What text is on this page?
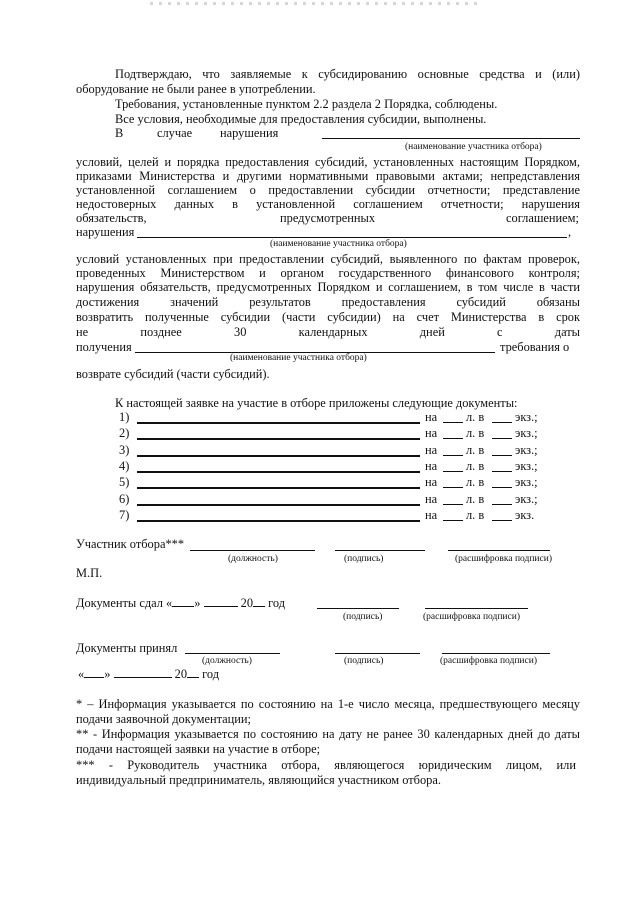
Подтверждаю, что заявляемые к субсидированию основные средства и (или)
оборудование не были ранее в употреблении.
Требования, установленные пунктом 2.2 раздела 2 Порядка, соблюдены.
Все условия, необходимые для предоставления субсидии, выполнены.
В	случае нарушения
(наименование участника отбора)
условий, целей и порядка предоставления субсидий, установленных настоящим Порядком,
приказами Министерства и другими нормативными правовыми актами; непредставления
установленной соглашением о предоставлении субсидии отчетности; представление
недостоверных данных в установленной соглашением отчетности; нарушения
обязательств,	предусмотренных	соглашением;
нарушения	,
(наименование участника отбора)
условий установленных при предоставлении субсидий, выявленного по фактам проверок,
проведенных Министерством и органом государственного финансового контроля;
нарушения обязательств, предусмотренных Порядком и соглашением, в том числе в части
достижения значений результатов предоставления субсидий обязаны
возвратить полученные субсидии (части субсидии) на счет Министерства в срок
не позднее 30 календарных дней с даты
получения	требования о
(наименование участника отбора)
возврате субсидий (части субсидий).
К настоящей заявке на участие в отборе приложены следующие документы:
1)	на л. в экз.;
2)	на л. в экз.;
3)	на л. в экз.;
4)	на л. в экз.;
5)	на л. в экз.;
6)	на л. в экз.;
7)	на л. в экз.
Участник отбора***
(должность)	(подпись)	(расшифровка подписи)
М.П.
Документы сдал « »	20 год
(подпись)	(расшифровка подписи)
Документы принял
(должность)	(подпись)	(расшифровка подписи)
« »	20 год
* – Информация указывается по состоянию на 1-е число месяца, предшествующего месяцу
подачи заявочной документации;
** - Информация указывается по состоянию на дату не ранее 30 календарных дней до даты
подачи настоящей заявки на участие в отборе;
*** - Руководитель участника отбора, являющегося юридическим лицом, или
индивидуальный предприниматель, являющийся участником отбора.
